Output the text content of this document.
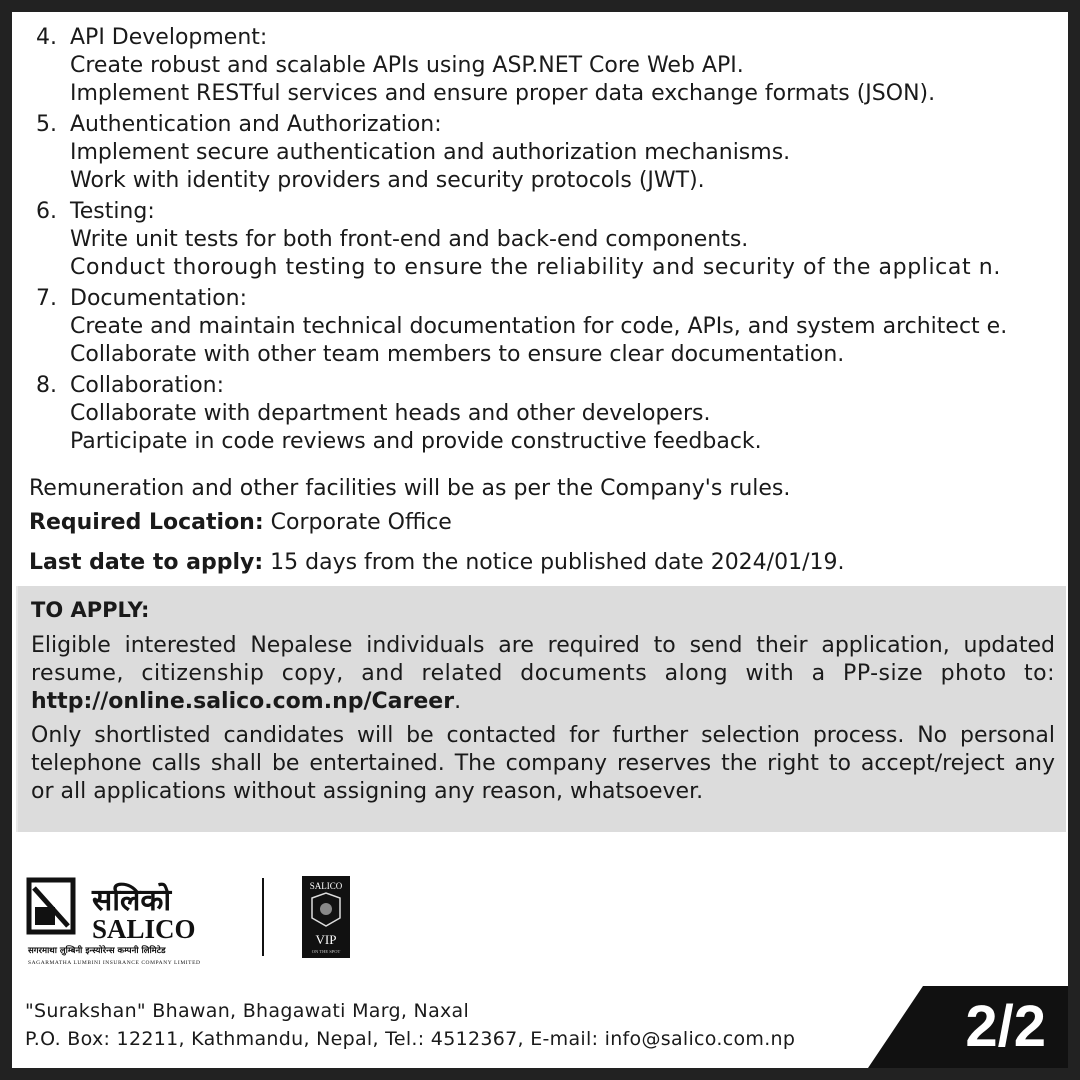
4. API Development:
Create robust and scalable APIs using ASP.NET Core Web API.
Implement RESTful services and ensure proper data exchange formats (JSON).
5. Authentication and Authorization:
Implement secure authentication and authorization mechanisms.
Work with identity providers and security protocols (JWT).
6. Testing:
Write unit tests for both front-end and back-end components.
Conduct thorough testing to ensure the reliability and security of the applicat n.
7. Documentation:
Create and maintain technical documentation for code, APIs, and system architect e.
Collaborate with other team members to ensure clear documentation.
8. Collaboration:
Collaborate with department heads and other developers.
Participate in code reviews and provide constructive feedback.
Remuneration and other facilities will be as per the Company's rules.
Required Location: Corporate Office
Last date to apply: 15 days from the notice published date 2024/01/19.
TO APPLY:
Eligible interested Nepalese individuals are required to send their application, updated
resume, citizenship copy, and related documents along with a PP-size photo to:
http://online.salico.com.np/Career.
Only shortlisted candidates will be contacted for further selection process. No personal
telephone calls shall be entertained. The company reserves the right to accept/reject any
or all applications without assigning any reason, whatsoever.
सलिको
SALICO
सगरमाथा लुम्बिनी इन्स्योरेन्स कम्पनी लिमिटेड
SAGARMATHA LUMBINI INSURANCE COMPANY LIMITED
SALICO
VIP
ON THE SPOT
"Surakshan" Bhawan, Bhagawati Marg, Naxal
P.O. Box: 12211, Kathmandu, Nepal, Tel.: 4512367, E-mail: info@salico.com.np	2/2
